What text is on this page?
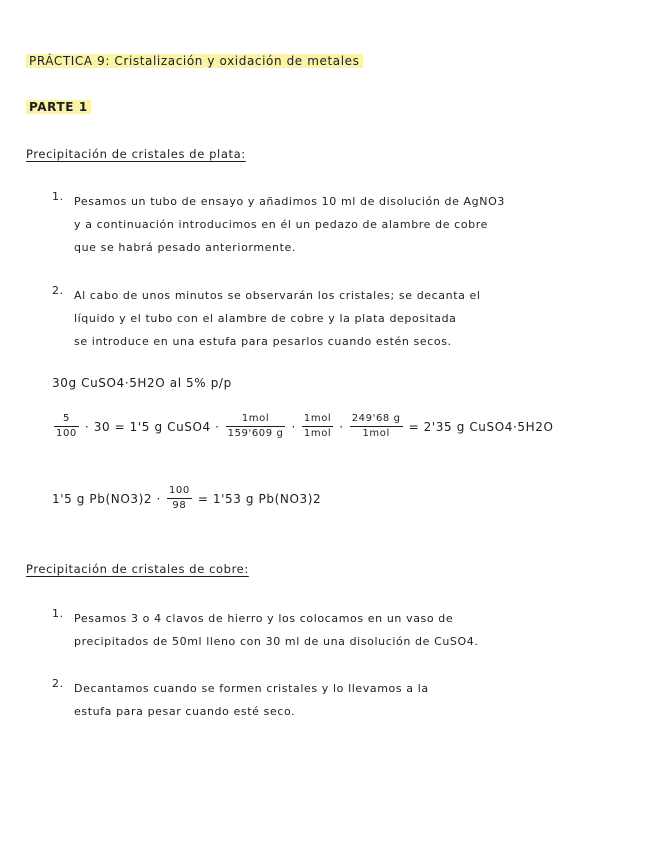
PRÁCTICA 9: Cristalización y oxidación de metales
PARTE 1
Precipitación de cristales de plata:
1. Pesamos un tubo de ensayo y añadimos 10 ml de disolución de AgNO3
y a continuación introducimos en él un pedazo de alambre de cobre
que se habrá pesado anteriormente.
2. Al cabo de unos minutos se observarán los cristales; se decanta el
líquido y el tubo con el alambre de cobre y la plata depositada
se introduce en una estufa para pesarlos cuando estén secos.
30g CuSO4·5H2O al 5% p/p
$\frac{5}{100} \cdot 30 = 1'5$ g CuSO4 · $\frac{\text{1mol}}{159'609 g} \cdot \frac{\text{1mol}}{\text{1mol}} \cdot \frac{249'68 g}{\text{1mol}} = 2'35$ g CuSO4·5H2O
1'5 g $Pb(NO3)2 \cdot \frac{100}{98} = 1'53$ g Pb(NO3)2
Precipitación de cristales de cobre:
1. Pesamos 3 o 4 clavos de hierro y los colocamos en un vaso de
precipitados de 50ml lleno con 30 ml de una disolución de CuSO4.
2. Decantamos cuando se formen cristales y lo llevamos a la
estufa para pesar cuando esté seco.
